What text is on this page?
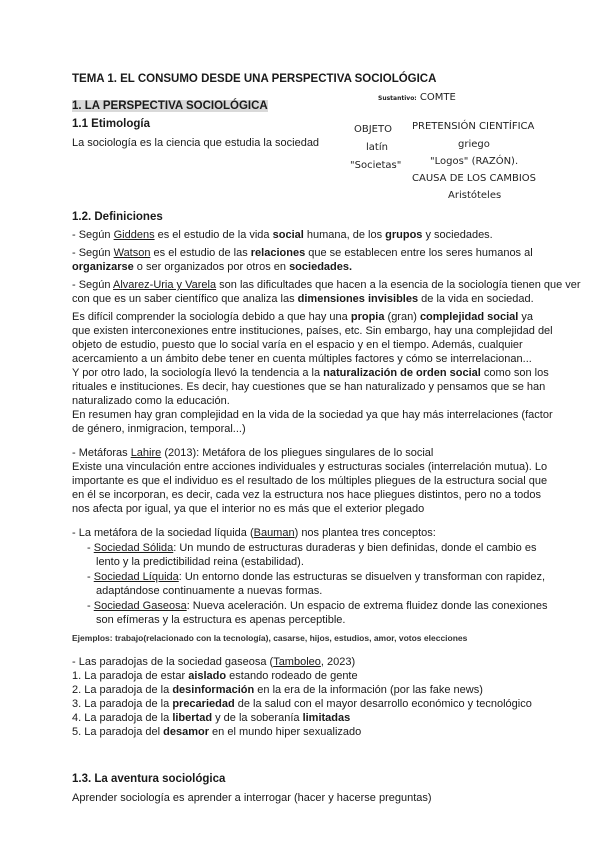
TEMA 1. EL CONSUMO DESDE UNA PERSPECTIVA SOCIOLÓGICA
1. LA PERSPECTIVA SOCIOLÓGICA
1.1 Etimología
La sociología es la ciencia que estudia la sociedad
Sustantivo: COMTE
OBJETO
latín
"Societas"
PRETENSIÓN CIENTÍFICA
griego
"Logos" (RAZÓN).
CAUSA DE LOS CAMBIOS
Aristóteles
1.2. Definiciones
- Según Giddens es el estudio de la vida social humana, de los grupos y sociedades.
- Según Watson es el estudio de las relaciones que se establecen entre los seres humanos al
organizarse o ser organizados por otros en sociedades.
- Según Alvarez-Uria y Varela son las dificultades que hacen a la esencia de la sociología tienen que ver
con que es un saber científico que analiza las dimensiones invisibles de la vida en sociedad.
Es difícil comprender la sociología debido a que hay una propia (gran) complejidad social ya
que existen interconexiones entre instituciones, países, etc. Sin embargo, hay una complejidad del
objeto de estudio, puesto que lo social varía en el espacio y en el tiempo. Además, cualquier
acercamiento a un ámbito debe tener en cuenta múltiples factores y cómo se interrelacionan...
Y por otro lado, la sociología llevó la tendencia a la naturalización de orden social como son los
rituales e instituciones. Es decir, hay cuestiones que se han naturalizado y pensamos que se han
naturalizado como la educación.
En resumen hay gran complejidad en la vida de la sociedad ya que hay más interrelaciones (factor
de género, inmigracion, temporal...)
- Metáforas Lahire (2013): Metáfora de los pliegues singulares de lo social
Existe una vinculación entre acciones individuales y estructuras sociales (interrelación mutua). Lo
importante es que el individuo es el resultado de los múltiples pliegues de la estructura social que
en él se incorporan, es decir, cada vez la estructura nos hace pliegues distintos, pero no a todos
nos afecta por igual, ya que el interior no es más que el exterior plegado
- La metáfora de la sociedad líquida (Bauman) nos plantea tres conceptos:
- Sociedad Sólida: Un mundo de estructuras duraderas y bien definidas, donde el cambio es
lento y la predictibilidad reina (estabilidad).
- Sociedad Líquida: Un entorno donde las estructuras se disuelven y transforman con rapidez,
adaptándose continuamente a nuevas formas.
- Sociedad Gaseosa: Nueva aceleración. Un espacio de extrema fluidez donde las conexiones
son efímeras y la estructura es apenas perceptible.
Ejemplos: trabajo(relacionado con la tecnología), casarse, hijos, estudios, amor, votos elecciones
- Las paradojas de la sociedad gaseosa (Tamboleo, 2023)
1. La paradoja de estar aislado estando rodeado de gente
2. La paradoja de la desinformación en la era de la información (por las fake news)
3. La paradoja de la precariedad de la salud con el mayor desarrollo económico y tecnológico
4. La paradoja de la libertad y de la soberanía limitadas
5. La paradoja del desamor en el mundo hiper sexualizado
1.3. La aventura sociológica
Aprender sociología es aprender a interrogar (hacer y hacerse preguntas)
